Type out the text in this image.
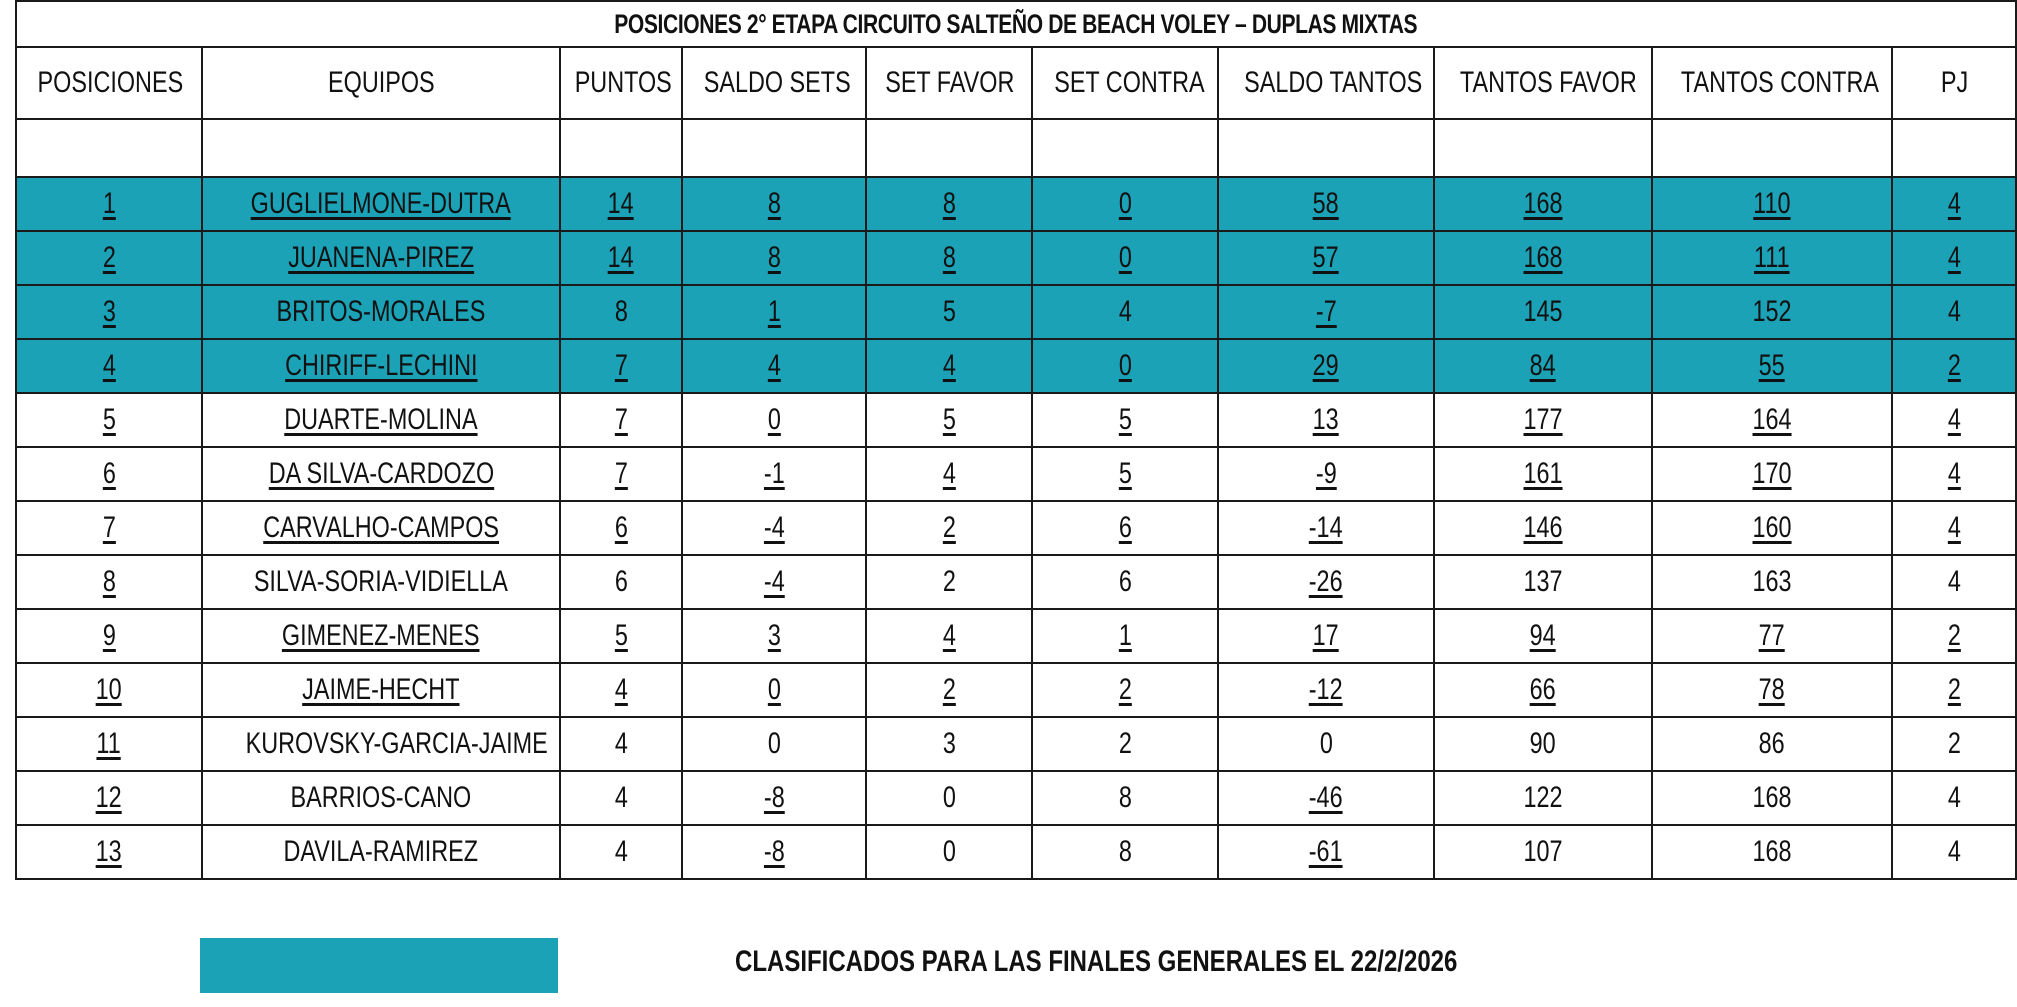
POSICIONES 2° ETAPA CIRCUITO SALTEÑO DE BEACH VOLEY – DUPLAS MIXTAS									
POSICIONES	EQUIPOS	PUNTOS	SALDO SETS	SET FAVOR	SET CONTRA	SALDO TANTOS	TANTOS FAVOR	TANTOS CONTRA	PJ

1	GUGLIELMONE-DUTRA	14	8	8	0	58	168	110	4
2	JUANENA-PIREZ	14	8	8	0	57	168	111	4
3	BRITOS-MORALES	8	1	5	4	-7	145	152	4
4	CHIRIFF-LECHINI	7	4	4	0	29	84	55	2
5	DUARTE-MOLINA	7	0	5	5	13	177	164	4
6	DA SILVA-CARDOZO	7	-1	4	5	-9	161	170	4
7	CARVALHO-CAMPOS	6	-4	2	6	-14	146	160	4
8	SILVA-SORIA-VIDIELLA	6	-4	2	6	-26	137	163	4
9	GIMENEZ-MENES	5	3	4	1	17	94	77	2
10	JAIME-HECHT	4	0	2	2	-12	66	78	2
11	KUROVSKY-GARCIA-JAIME	4	0	3	2	0	90	86	2
12	BARRIOS-CANO	4	-8	0	8	-46	122	168	4
13	DAVILA-RAMIREZ	4	-8	0	8	-61	107	168	4
CLASIFICADOS PARA LAS FINALES GENERALES EL 22/2/2026
